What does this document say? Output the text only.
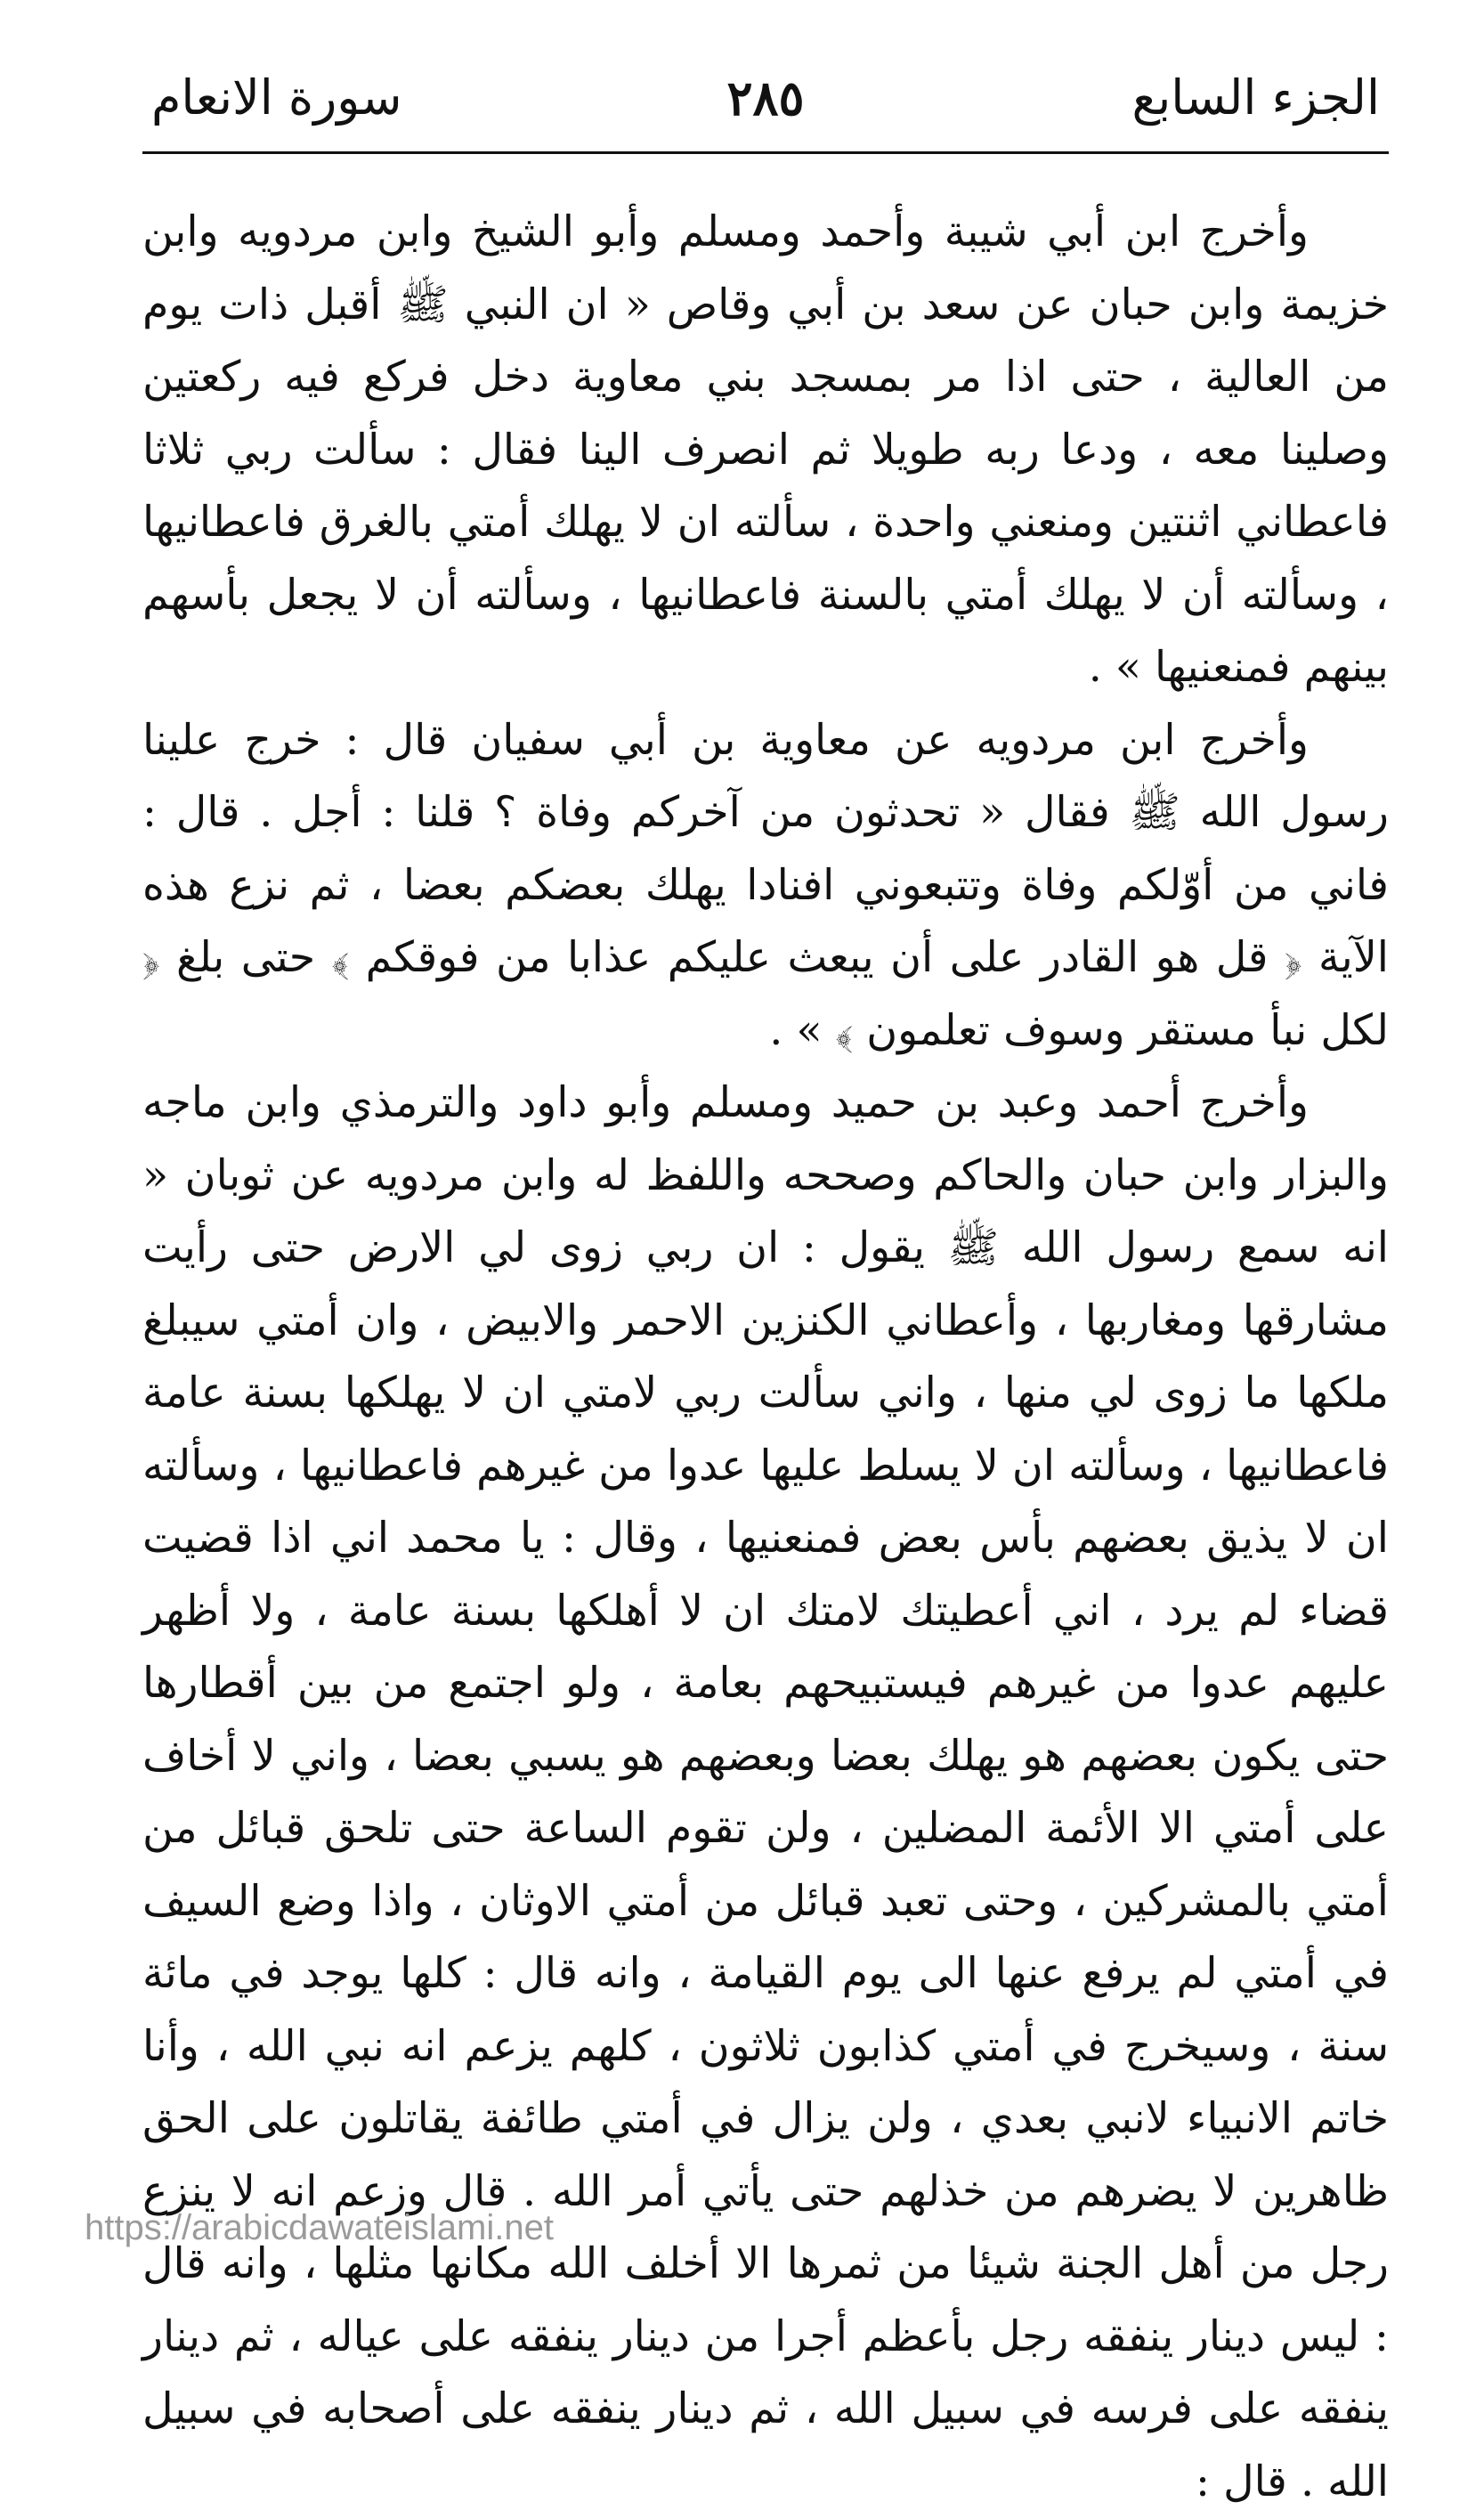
الجزء السابع
٢٨٥
سورة الانعام

وأخرج ابن أبي شيبة وأحمد ومسلم وأبو الشيخ وابن مردويه وابن خزيمة وابن حبان عن سعد بن أبي وقاص « ان النبي ﷺ أقبل ذات يوم من العالية ، حتى اذا مر بمسجد بني معاوية دخل فركع فيه ركعتين وصلينا معه ، ودعا ربه طويلا ثم انصرف الينا فقال : سألت ربي ثلاثا فاعطاني اثنتين ومنعني واحدة ، سألته ان لا يهلك أمتي بالغرق فاعطانيها ، وسألته أن لا يهلك أمتي بالسنة فاعطانيها ، وسألته أن لا يجعل بأسهم بينهم فمنعنيها » .

وأخرج ابن مردويه عن معاوية بن أبي سفيان قال : خرج علينا رسول الله ﷺ فقال « تحدثون من آخركم وفاة ؟ قلنا : أجل . قال : فاني من أوّلكم وفاة وتتبعوني افنادا يهلك بعضكم بعضا ، ثم نزع هذه الآية ﴿ قل هو القادر على أن يبعث عليكم عذابا من فوقكم ﴾ حتى بلغ ﴿ لكل نبأ مستقر وسوف تعلمون ﴾ » .

وأخرج أحمد وعبد بن حميد ومسلم وأبو داود والترمذي وابن ماجه والبزار وابن حبان والحاكم وصححه واللفظ له وابن مردويه عن ثوبان « انه سمع رسول الله ﷺ يقول : ان ربي زوى لي الارض حتى رأيت مشارقها ومغاربها ، وأعطاني الكنزين الاحمر والابيض ، وان أمتي سيبلغ ملكها ما زوى لي منها ، واني سألت ربي لامتي ان لا يهلكها بسنة عامة فاعطانيها ، وسألته ان لا يسلط عليها عدوا من غيرهم فاعطانيها ، وسألته ان لا يذيق بعضهم بأس بعض فمنعنيها ، وقال : يا محمد اني اذا قضيت قضاء لم يرد ، اني أعطيتك لامتك ان لا أهلكها بسنة عامة ، ولا أظهر عليهم عدوا من غيرهم فيستبيحهم بعامة ، ولو اجتمع من بين أقطارها حتى يكون بعضهم هو يهلك بعضا وبعضهم هو يسبي بعضا ، واني لا أخاف على أمتي الا الأئمة المضلين ، ولن تقوم الساعة حتى تلحق قبائل من أمتي بالمشركين ، وحتى تعبد قبائل من أمتي الاوثان ، واذا وضع السيف في أمتي لم يرفع عنها الى يوم القيامة ، وانه قال : كلها يوجد في مائة سنة ، وسيخرج في أمتي كذابون ثلاثون ، كلهم يزعم انه نبي الله ، وأنا خاتم الانبياء لانبي بعدي ، ولن يزال في أمتي طائفة يقاتلون على الحق ظاهرين لا يضرهم من خذلهم حتى يأتي أمر الله . قال وزعم انه لا ينزع رجل من أهل الجنة شيئا من ثمرها الا أخلف الله مكانها مثلها ، وانه قال : ليس دينار ينفقه رجل بأعظم أجرا من دينار ينفقه على عياله ، ثم دينار ينفقه على فرسه في سبيل الله ، ثم دينار ينفقه على أصحابه في سبيل الله . قال :

https://arabicdawateislami.net
